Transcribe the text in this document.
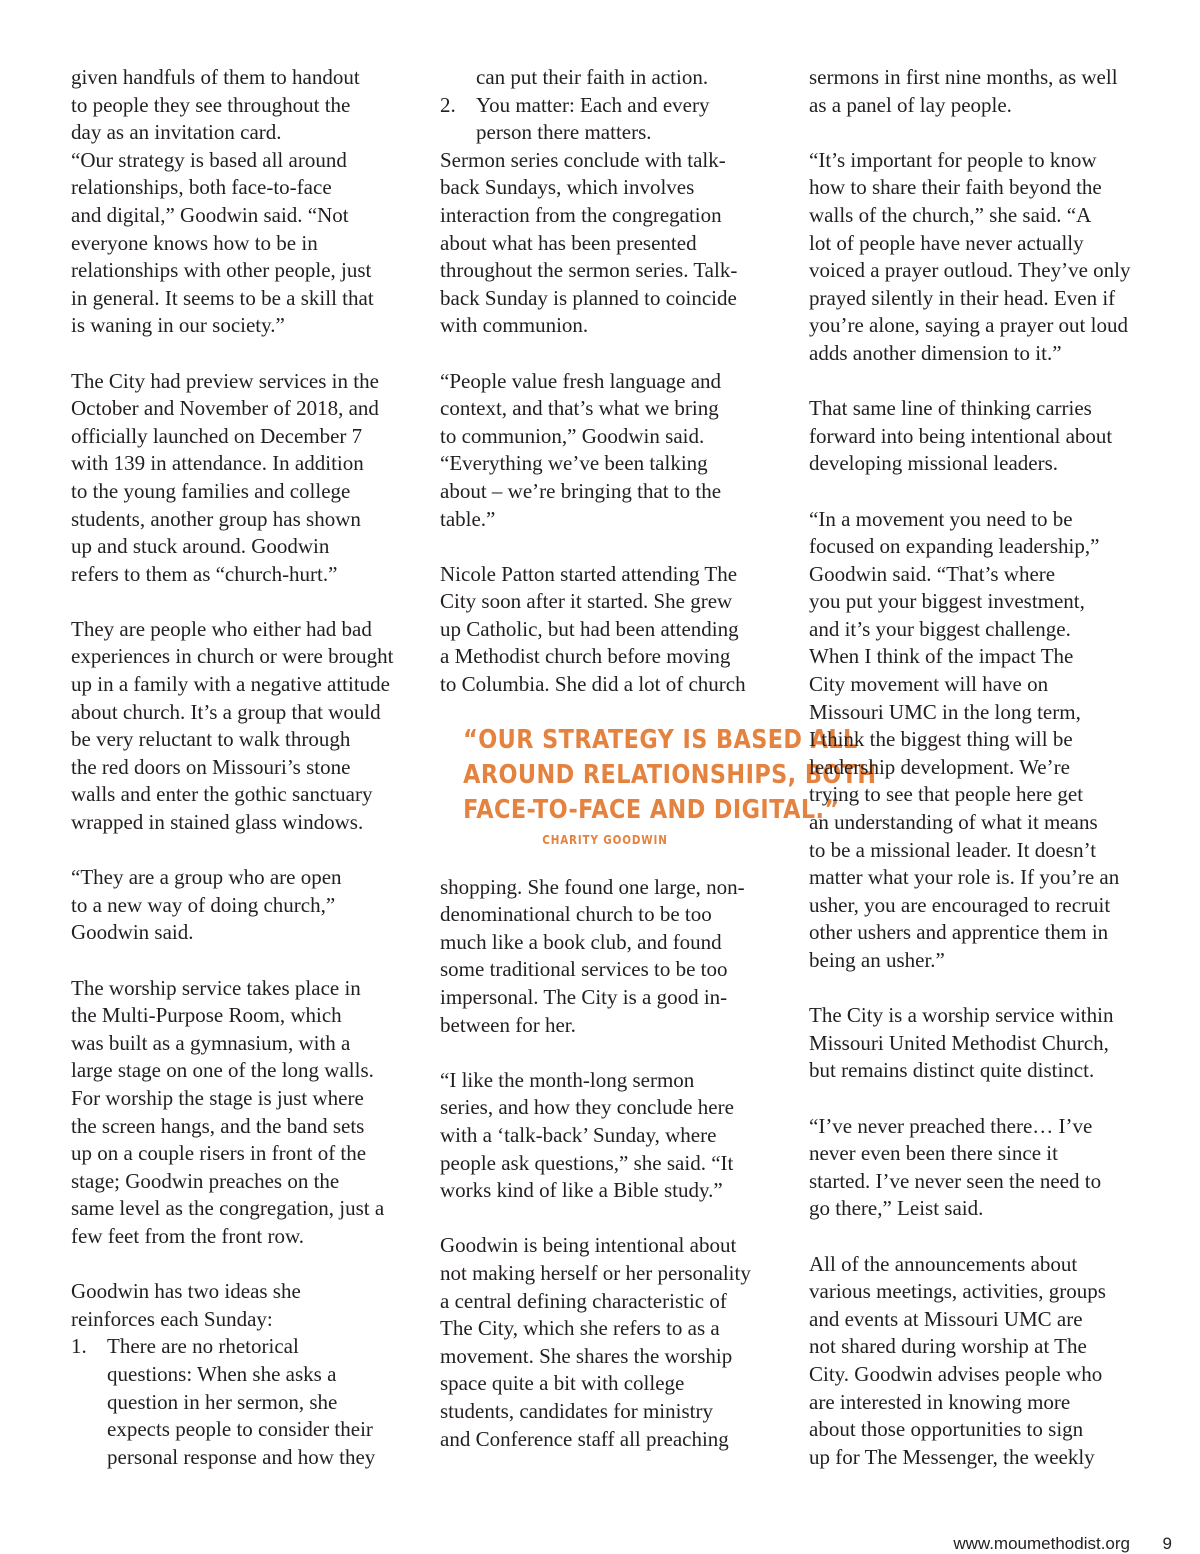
given handfuls of them to handout
to people they see throughout the
day as an invitation card.
“Our strategy is based all around
relationships, both face-to-face
and digital,” Goodwin said. “Not
everyone knows how to be in
relationships with other people, just
in general. It seems to be a skill that
is waning in our society.”
The City had preview services in the
October and November of 2018, and
officially launched on December 7
with 139 in attendance. In addition
to the young families and college
students, another group has shown
up and stuck around. Goodwin
refers to them as “church-hurt.”
They are people who either had bad
experiences in church or were brought
up in a family with a negative attitude
about church. It’s a group that would
be very reluctant to walk through
the red doors on Missouri’s stone
walls and enter the gothic sanctuary
wrapped in stained glass windows.
“They are a group who are open
to a new way of doing church,”
Goodwin said.
The worship service takes place in
the Multi-Purpose Room, which
was built as a gymnasium, with a
large stage on one of the long walls.
For worship the stage is just where
the screen hangs, and the band sets
up on a couple risers in front of the
stage; Goodwin preaches on the
same level as the congregation, just a
few feet from the front row.
Goodwin has two ideas she
reinforces each Sunday:
1. There are no rhetorical
questions: When she asks a
question in her sermon, she
expects people to consider their
personal response and how they
can put their faith in action.
2. You matter: Each and every
person there matters.
Sermon series conclude with talk-
back Sundays, which involves
interaction from the congregation
about what has been presented
throughout the sermon series. Talk-
back Sunday is planned to coincide
with communion.
“People value fresh language and
context, and that’s what we bring
to communion,” Goodwin said.
“Everything we’ve been talking
about – we’re bringing that to the
table.”
Nicole Patton started attending The
City soon after it started. She grew
up Catholic, but had been attending
a Methodist church before moving
to Columbia. She did a lot of church
“OUR STRATEGY IS BASED ALL
AROUND RELATIONSHIPS, BOTH
FACE-TO-FACE AND DIGITAL.”
CHARITY GOODWIN
shopping. She found one large, non-
denominational church to be too
much like a book club, and found
some traditional services to be too
impersonal. The City is a good in-
between for her.
“I like the month-long sermon
series, and how they conclude here
with a ‘talk-back’ Sunday, where
people ask questions,” she said. “It
works kind of like a Bible study.”
Goodwin is being intentional about
not making herself or her personality
a central defining characteristic of
The City, which she refers to as a
movement. She shares the worship
space quite a bit with college
students, candidates for ministry
and Conference staff all preaching
sermons in first nine months, as well
as a panel of lay people.
“It’s important for people to know
how to share their faith beyond the
walls of the church,” she said. “A
lot of people have never actually
voiced a prayer outloud. They’ve only
prayed silently in their head. Even if
you’re alone, saying a prayer out loud
adds another dimension to it.”
That same line of thinking carries
forward into being intentional about
developing missional leaders.
“In a movement you need to be
focused on expanding leadership,”
Goodwin said. “That’s where
you put your biggest investment,
and it’s your biggest challenge.
When I think of the impact The
City movement will have on
Missouri UMC in the long term,
I think the biggest thing will be
leadership development. We’re
trying to see that people here get
an understanding of what it means
to be a missional leader. It doesn’t
matter what your role is. If you’re an
usher, you are encouraged to recruit
other ushers and apprentice them in
being an usher.”
The City is a worship service within
Missouri United Methodist Church,
but remains distinct quite distinct.
“I’ve never preached there… I’ve
never even been there since it
started. I’ve never seen the need to
go there,” Leist said.
All of the announcements about
various meetings, activities, groups
and events at Missouri UMC are
not shared during worship at The
City. Goodwin advises people who
are interested in knowing more
about those opportunities to sign
up for The Messenger, the weekly
www.moumethodist.org 9
